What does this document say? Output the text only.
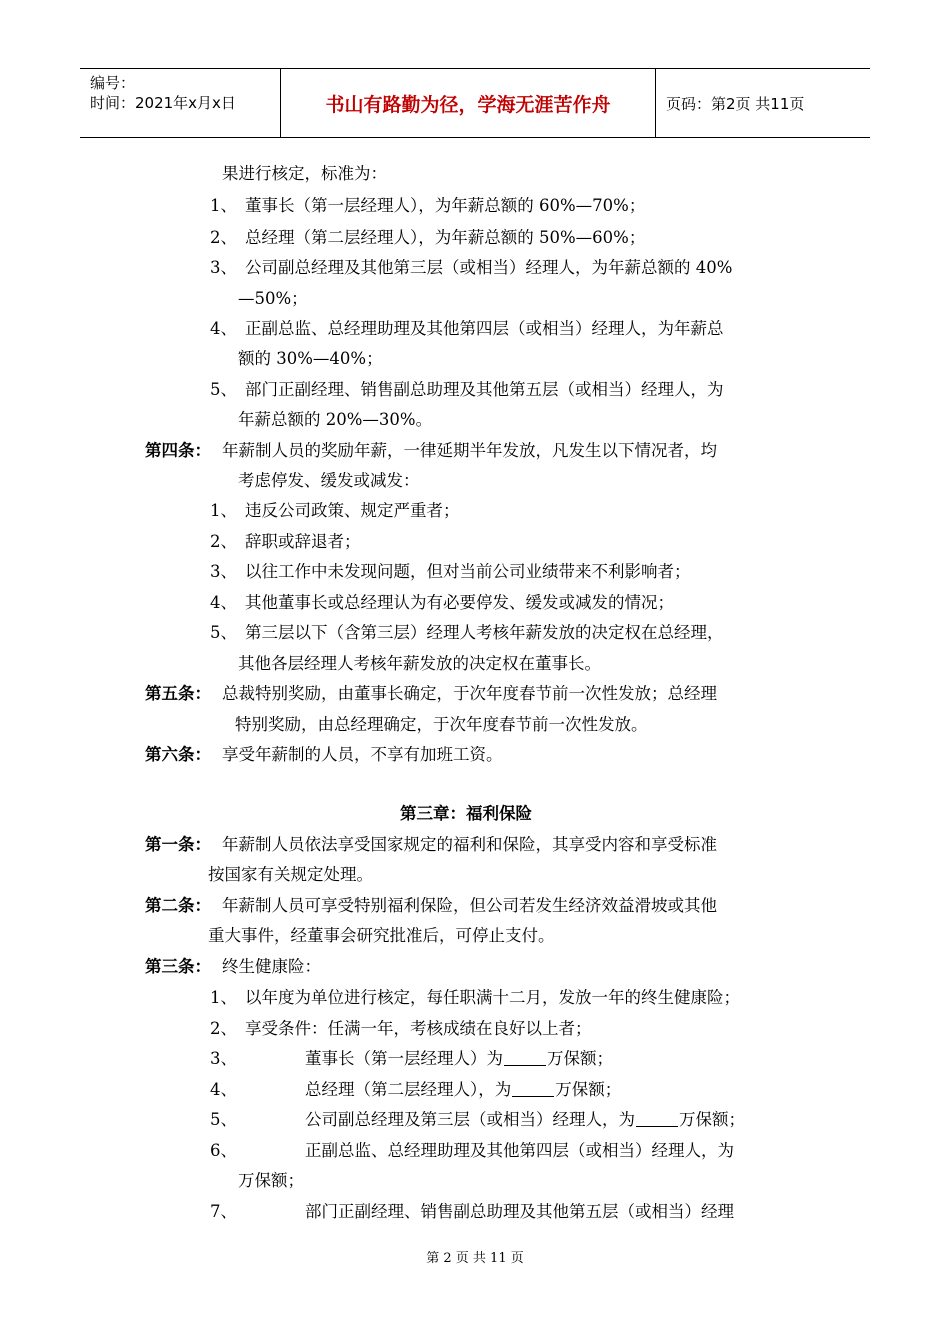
编号：
时间：2021年x月x日	书山有路勤为径，学海无涯苦作舟	页码：第2页 共11页
果进行核定，标准为：
1、 董事长（第一层经理人），为年薪总额的 60%—70%；
2、 总经理（第二层经理人），为年薪总额的 50%—60%；
3、 公司副总经理及其他第三层（或相当）经理人，为年薪总额的 40%
—50%；
4、 正副总监、总经理助理及其他第四层（或相当）经理人，为年薪总
额的 30%—40%；
5、 部门正副经理、销售副总助理及其他第五层（或相当）经理人，为
年薪总额的 20%—30%。
第四条： 年薪制人员的奖励年薪，一律延期半年发放，凡发生以下情况者，均
考虑停发、缓发或减发：
1、 违反公司政策、规定严重者；
2、 辞职或辞退者；
3、 以往工作中未发现问题，但对当前公司业绩带来不利影响者；
4、 其他董事长或总经理认为有必要停发、缓发或减发的情况；
5、 第三层以下（含第三层）经理人考核年薪发放的决定权在总经理，
其他各层经理人考核年薪发放的决定权在董事长。
第五条： 总裁特别奖励，由董事长确定，于次年度春节前一次性发放；总经理
特别奖励，由总经理确定，于次年度春节前一次性发放。
第六条： 享受年薪制的人员，不享有加班工资。
第三章：福利保险
第一条： 年薪制人员依法享受国家规定的福利和保险，其享受内容和享受标准
按国家有关规定处理。
第二条： 年薪制人员可享受特别福利保险，但公司若发生经济效益滑坡或其他
重大事件，经董事会研究批准后，可停止支付。
第三条： 终生健康险：
1、 以年度为单位进行核定，每任职满十二月，发放一年的终生健康险；
2、 享受条件：任满一年，考核成绩在良好以上者；
3、	董事长（第一层经理人）为	万保额；
4、	总经理（第二层经理人），为	万保额；
5、	公司副总经理及第三层（或相当）经理人，为	万保额；
6、	正副总监、总经理助理及其他第四层（或相当）经理人，为
万保额；
7、	部门正副经理、销售副总助理及其他第五层（或相当）经理
第 2 页 共 11 页
